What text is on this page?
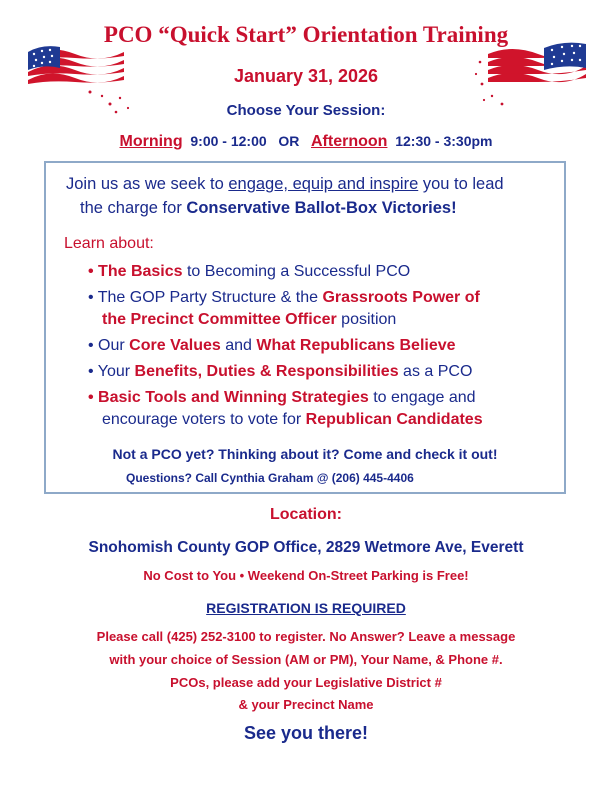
PCO “Quick Start” Orientation Training
January 31, 2026
Choose Your Session:
Morning 9:00 - 12:00 OR Afternoon 12:30 - 3:30pm
Join us as we seek to engage, equip and inspire you to lead
the charge for Conservative Ballot-Box Victories!
Learn about:
• The Basics to Becoming a Successful PCO
• The GOP Party Structure & the Grassroots Power of
the Precinct Committee Officer position
• Our Core Values and What Republicans Believe
• Your Benefits, Duties & Responsibilities as a PCO
• Basic Tools and Winning Strategies to engage and
encourage voters to vote for Republican Candidates
Not a PCO yet? Thinking about it? Come and check it out!
Questions? Call Cynthia Graham @ (206) 445-4406
Location:
Snohomish County GOP Office, 2829 Wetmore Ave, Everett
No Cost to You • Weekend On-Street Parking is Free!
REGISTRATION IS REQUIRED
Please call (425) 252-3100 to register. No Answer? Leave a message
with your choice of Session (AM or PM), Your Name, & Phone #.
PCOs, please add your Legislative District #
& your Precinct Name
See you there!
